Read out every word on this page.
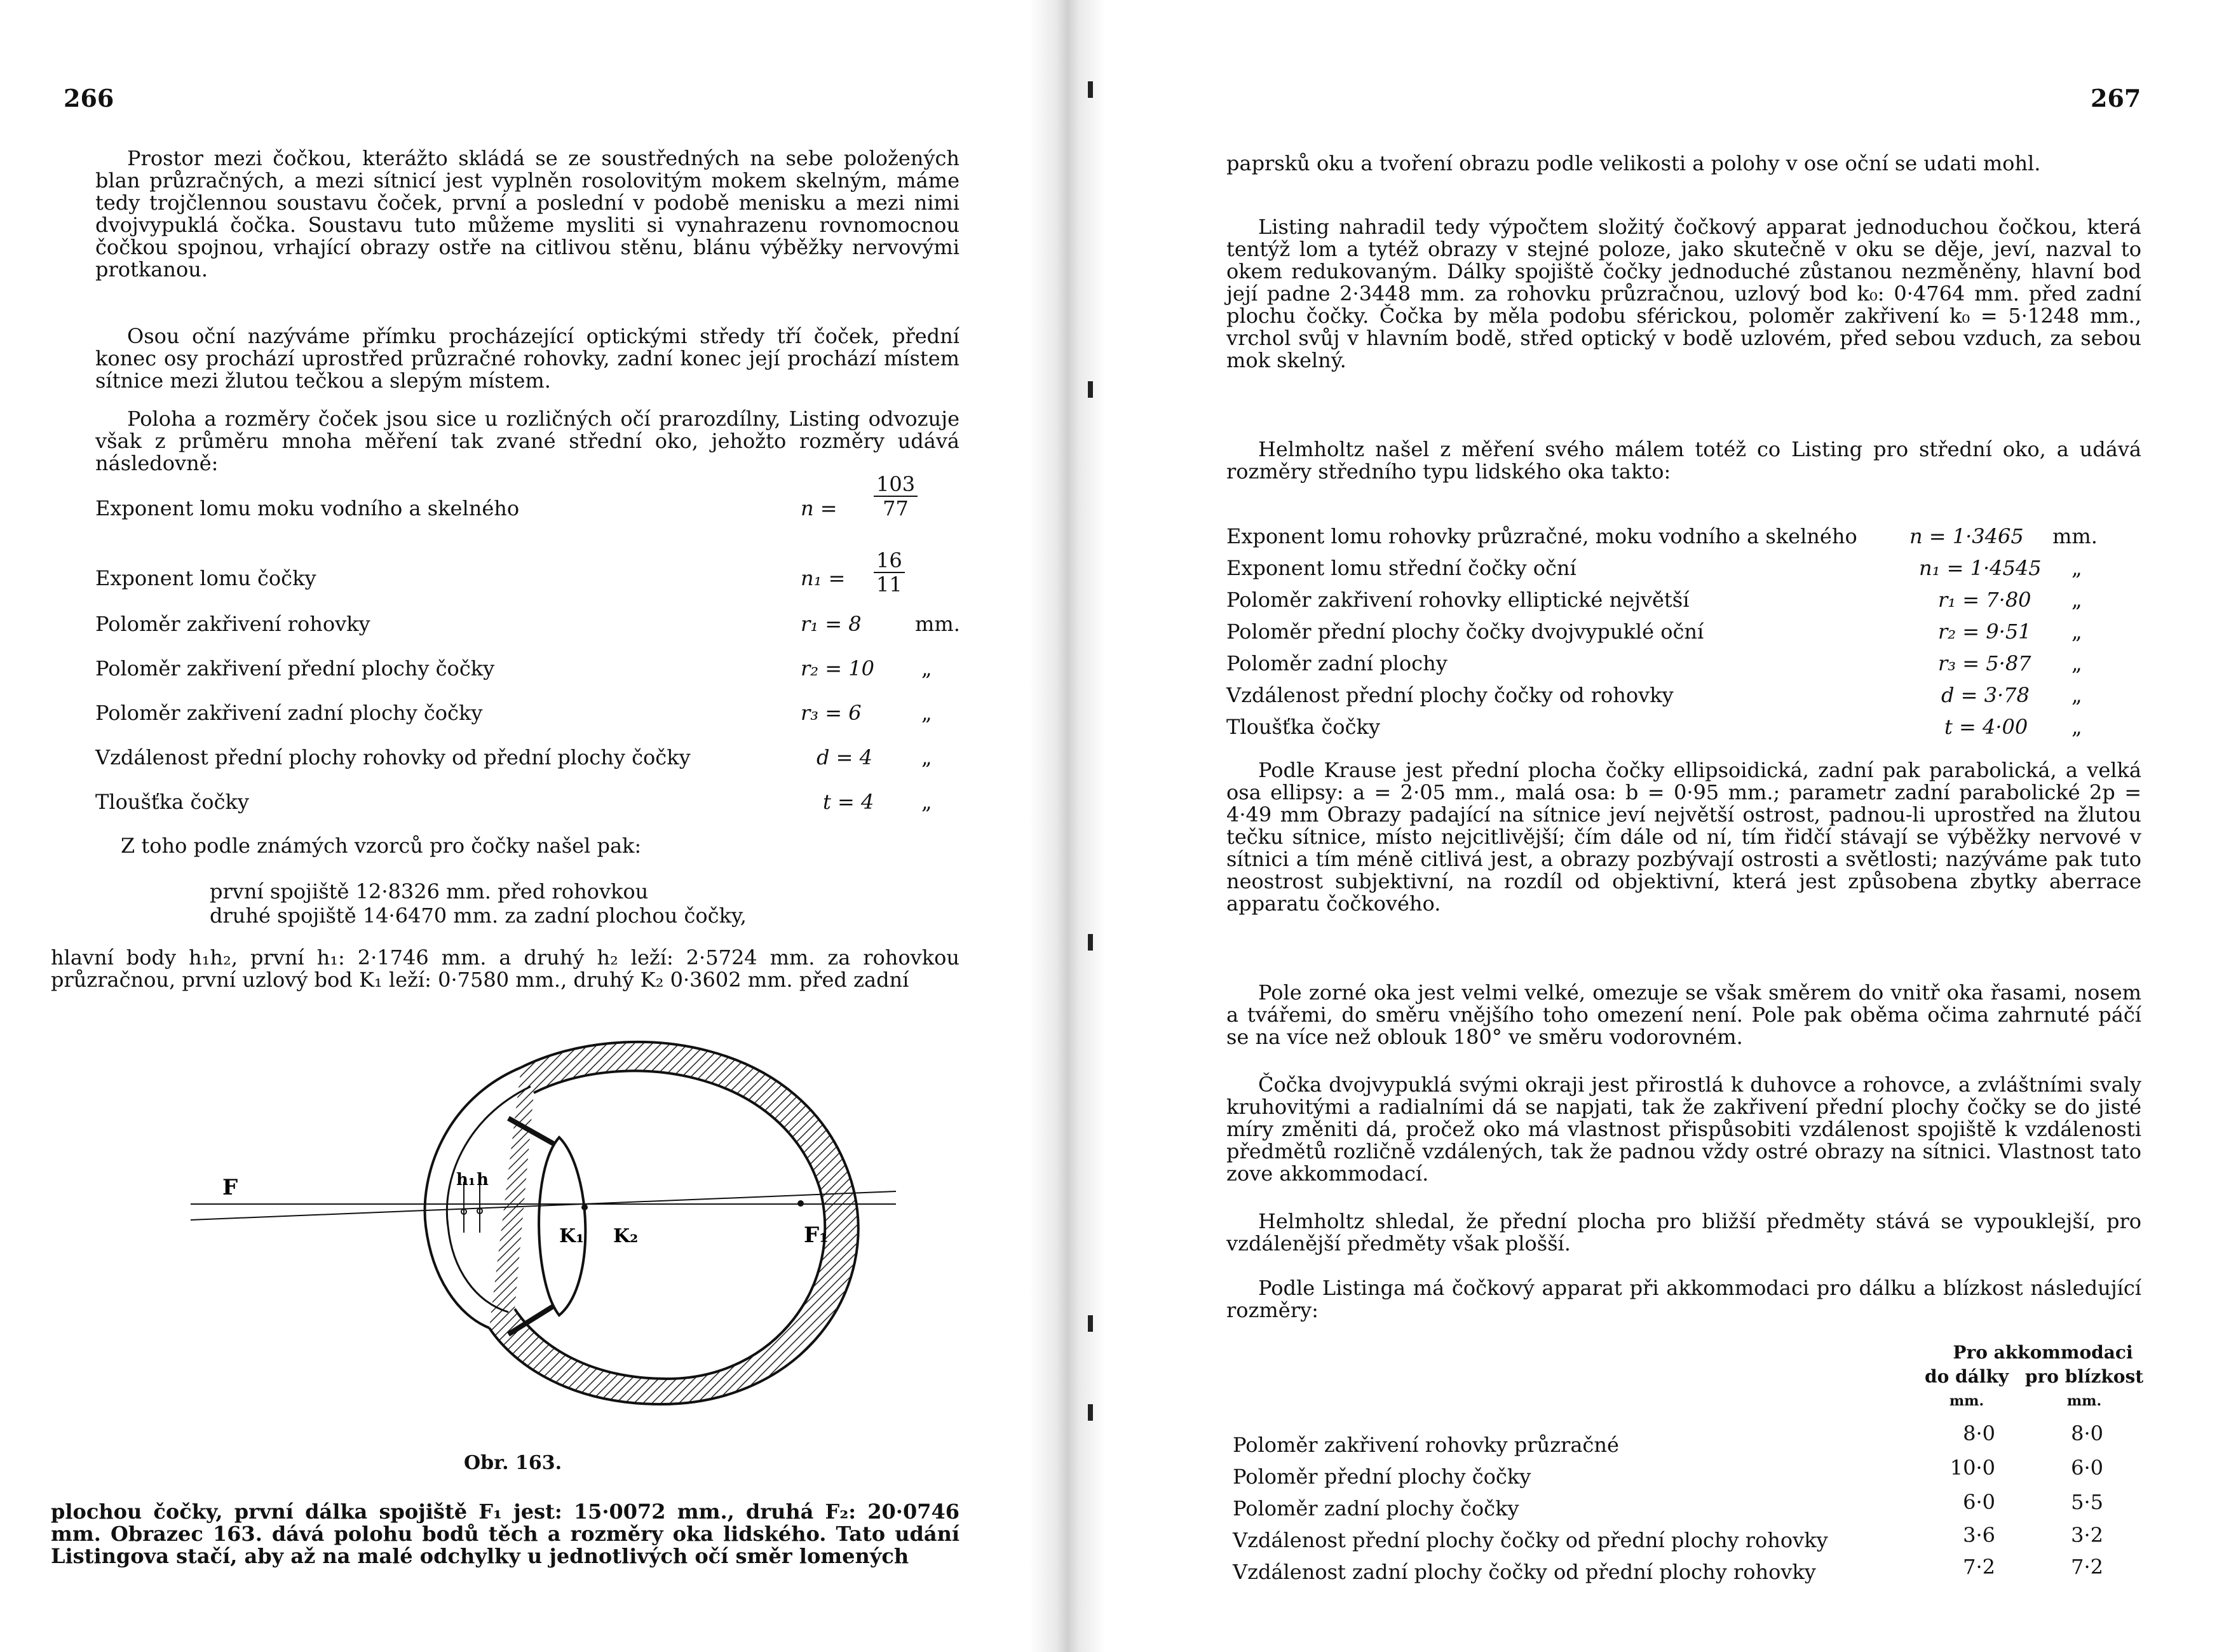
266

Prostor mezi čočkou, kterážto skládá se ze soustředných na sebe položených blan průzračných, a mezi sítnicí jest vyplněn rosolovitým mokem skelným, máme tedy trojčlennou soustavu čoček, první a poslední v podobě menisku a mezi nimi dvojvypuklá čočka. Soustavu tuto můžeme mysliti si vynahrazenu rovnomocnou čočkou spojnou, vrhající obrazy ostře na citlivou stěnu, blánu výběžky nervovými protkanou.

Osou oční nazýváme přímku procházející optickými středy tří čoček, přední konec osy prochází uprostřed průzračné rohovky, zadní konec její prochází místem sítnice mezi žlutou tečkou a slepým místem.

Poloha a rozměry čoček jsou sice u rozličných očí prarozdílny, Listing odvozuje však z průměru mnoha měření tak zvané střední oko, jehožto rozměry udává následovně:

Exponent lomu moku vodního a skelného	$n = \frac{103}{77}$
Exponent lomu čočky	$n_1 = \frac{16}{11}$
Poloměr zakřivení rohovky	r₁ = 8	mm.
Poloměr zakřivení přední plochy čočky	r₂ = 10 „
Poloměr zakřivení zadní plochy čočky	r₃ = 6	„
Vzdálenost přední plochy rohovky od přední plochy čočky	d = 4 „
Tloušťka čočky	t = 4 „
Z toho podle známých vzorců pro čočky našel pak:
první spojiště 12·8326 mm. před rohovkou
druhé spojiště 14·6470 mm. za zadní plochou čočky,

hlavní body h₁h₂, první h₁: 2·1746 mm. a druhý h₂ leží: 2·5724 mm. za rohovkou průzračnou, první uzlový bod K₁ leží: 0·7580 mm., druhý K₂ 0·3602 mm. před zadní

F	h₁ h
K₁ K₂	F₁
Obr. 163.

plochou čočky, první dálka spojiště F₁ jest: 15·0072 mm., druhá F₂: 20·0746 mm. Obrazec 163. dává polohu bodů těch a rozměry oka lidského. Tato udání Listingova stačí, aby až na malé odchylky u jednotlivých očí směr lomených

267

paprsků oku a tvoření obrazu podle velikosti a polohy v ose oční se udati mohl.

Listing nahradil tedy výpočtem složitý čočkový apparat jednoduchou čočkou, která tentýž lom a tytéž obrazy v stejné poloze, jako skutečně v oku se děje, jeví, nazval to okem redukovaným. Dálky spojiště čočky jednoduché zůstanou nezměněny, hlavní bod její padne 2·3448 mm. za rohovku průzračnou, uzlový bod k₀: 0·4764 mm. před zadní plochu čočky. Čočka by měla podobu sférickou, poloměr zakřivení k₀ = 5·1248 mm., vrchol svůj v hlavním bodě, střed optický v bodě uzlovém, před sebou vzduch, za sebou mok skelný.

Helmholtz našel z měření svého málem totéž co Listing pro střední oko, a udává rozměry středního typu lidského oka takto:

Exponent lomu rohovky průzračné, moku vodního a skelného	n = 1·3465 mm.
Exponent lomu střední čočky oční	n₁ = 1·4545 „
Poloměr zakřivení rohovky elliptické největší	r₁ = 7·80 „
Poloměr přední plochy čočky dvojvypuklé oční	r₂ = 9·51 „
Poloměr zadní plochy	r₃ = 5·87 „
Vzdálenost přední plochy čočky od rohovky	d = 3·78 „
Tloušťka čočky	t = 4·00 „

Podle Krause jest přední plocha čočky ellipsoidická, zadní pak parabolická, a velká osa ellipsy: a = 2·05 mm., malá osa: b = 0·95 mm.; parametr zadní parabolické 2p = 4·49 mm Obrazy padající na sítnice jeví největší ostrost, padnou-li uprostřed na žlutou tečku sítnice, místo nejcitlivější; čím dále od ní, tím řidčí stávají se výběžky nervové v sítnici a tím méně citlivá jest, a obrazy pozbývají ostrosti a světlosti; nazýváme pak tuto neostrost subjektivní, na rozdíl od objektivní, která jest způsobena zbytky aberrace apparatu čočkového.

Pole zorné oka jest velmi velké, omezuje se však směrem do vnitř oka řasami, nosem a tvářemi, do směru vnějšího toho omezení není. Pole pak oběma očima zahrnuté páčí se na více než oblouk 180° ve směru vodorovném.

Čočka dvojvypuklá svými okraji jest přirostlá k duhovce a rohovce, a zvláštními svaly kruhovitými a radialními dá se napjati, tak že zakřivení přední plochy čočky se do jisté míry změniti dá, pročež oko má vlastnost přispůsobiti vzdálenost spojiště k vzdálenosti předmětů rozličně vzdálených, tak že padnou vždy ostré obrazy na sítnici. Vlastnost tato zove akkommodací.

Helmholtz shledal, že přední plocha pro bližší předměty stává se vypouklejší, pro vzdálenější předměty však plošší.

Podle Listinga má čočkový apparat při akkommodaci pro dálku a blízkost následující rozměry:

Pro akkommodaci
do dálky pro blízkost
mm.	mm.
Poloměr zakřivení rohovky průzračné	8·0	8·0
Poloměr přední plochy čočky	10·0	6·0
Poloměr zadní plochy čočky	6·0	5·5
Vzdálenost přední plochy čočky od přední plochy rohovky	3·6	3·2
Vzdálenost zadní plochy čočky od přední plochy rohovky	7·2	7·2
